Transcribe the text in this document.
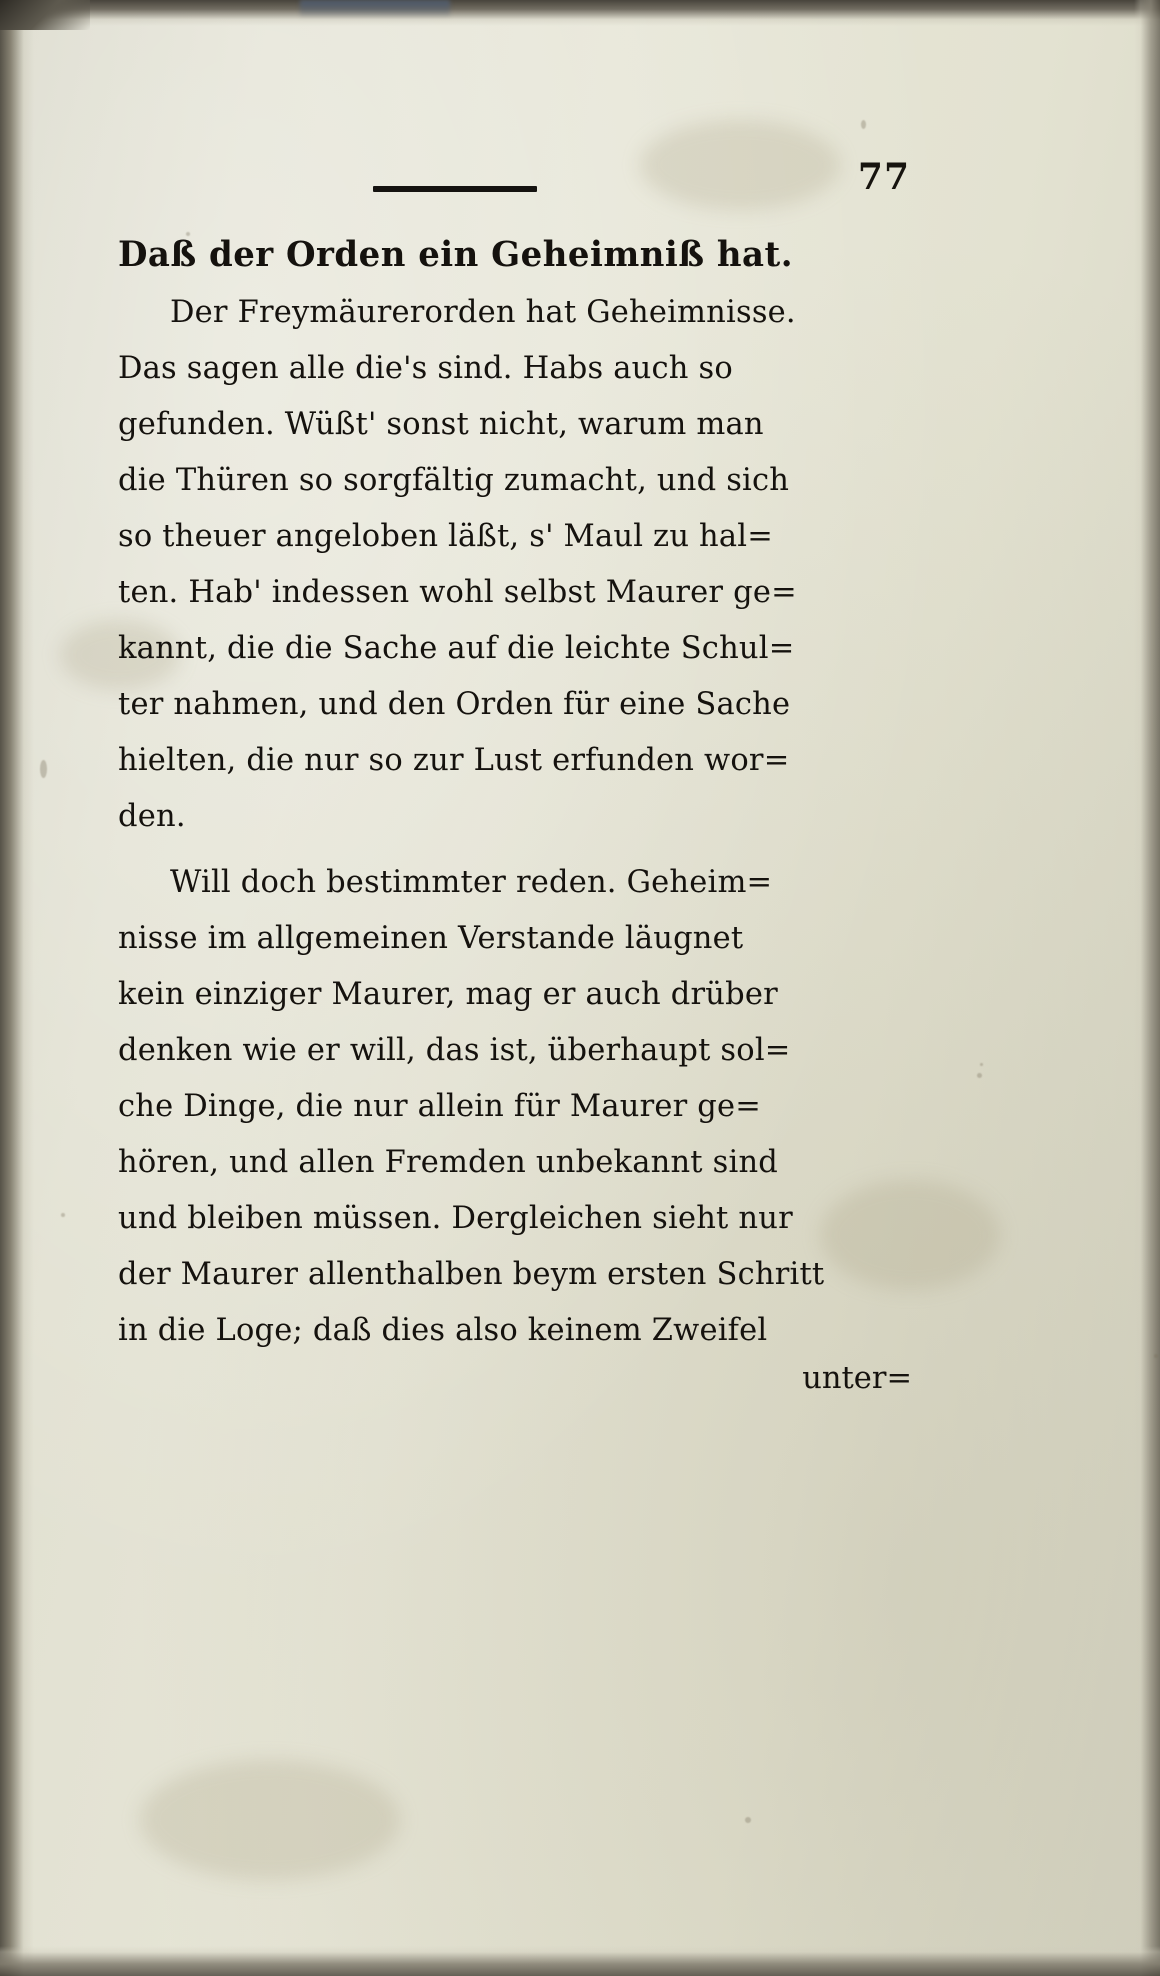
77
Daß der Orden ein Geheimniß hat.
Der Freymäurerorden hat Geheimnisse.
Das sagen alle die's sind. Habs auch so
gefunden. Wüßt' sonst nicht, warum man
die Thüren so sorgfältig zumacht, und sich
so theuer angeloben läßt, s' Maul zu hal=
ten. Hab' indessen wohl selbst Maurer ge=
kannt, die die Sache auf die leichte Schul=
ter nahmen, und den Orden für eine Sache
hielten, die nur so zur Lust erfunden wor=
den.
Will doch bestimmter reden. Geheim=
nisse im allgemeinen Verstande läugnet
kein einziger Maurer, mag er auch drüber
denken wie er will, das ist, überhaupt sol=
che Dinge, die nur allein für Maurer ge=
hören, und allen Fremden unbekannt sind
und bleiben müssen. Dergleichen sieht nur
der Maurer allenthalben beym ersten Schritt
in die Loge; daß dies also keinem Zweifel
unter=
